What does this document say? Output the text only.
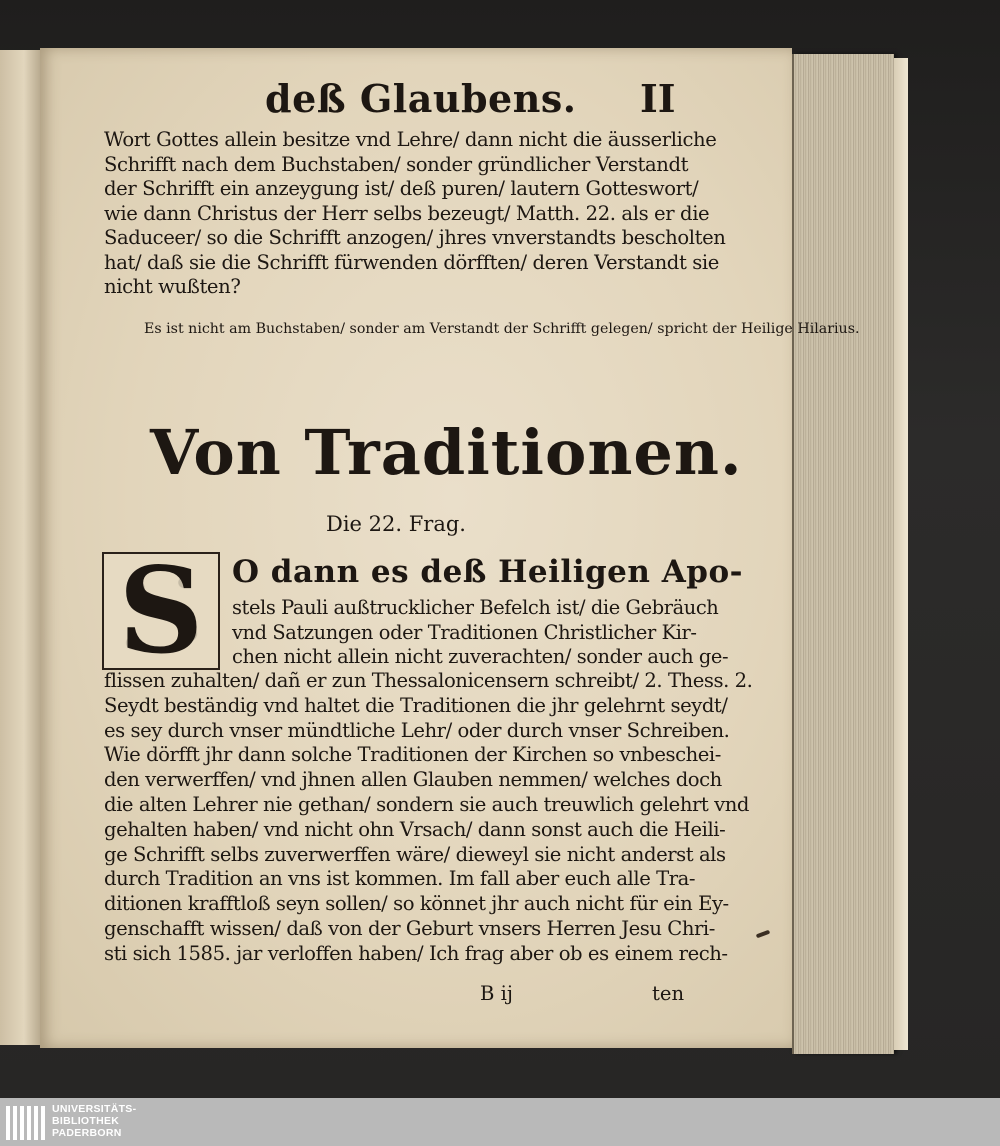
deß Glaubens. II
Wort Gottes allein besitze vnd Lehre/ dann nicht die äusserliche
Schrifft nach dem Buchstaben/ sonder gründlicher Verstandt
der Schrifft ein anzeygung ist/ deß puren/ lautern Gotteswort/
wie dann Christus der Herr selbs bezeugt/ Matth. 22. als er die
Saduceer/ so die Schrifft anzogen/ jhres vnverstandts bescholten
hat/ daß sie die Schrifft fürwenden dörfften/ deren Verstandt sie
nicht wußten?
Es ist nicht am Buchstaben/ sonder am Verstandt der Schrifft gelegen/ spricht der Heilige Hilarius.
Von Traditionen.
Die 22. Frag.
S O dann es deß Heiligen Apo-
stels Pauli außtrucklicher Befelch ist/ die Gebräuch
vnd Satzungen oder Traditionen Christlicher Kir-
chen nicht allein nicht zuverachten/ sonder auch ge-
flissen zuhalten/ dañ er zun Thessalonicensern schreibt/ 2. Thess. 2.
Seydt beständig vnd haltet die Traditionen die jhr gelehrnt seydt/
es sey durch vnser mündtliche Lehr/ oder durch vnser Schreiben.
Wie dörfft jhr dann solche Traditionen der Kirchen so vnbeschei-
den verwerffen/ vnd jhnen allen Glauben nemmen/ welches doch
die alten Lehrer nie gethan/ sondern sie auch treuwlich gelehrt vnd
gehalten haben/ vnd nicht ohn Vrsach/ dann sonst auch die Heili-
ge Schrifft selbs zuverwerffen wäre/ dieweyl sie nicht anderst als
durch Tradition an vns ist kommen. Im fall aber euch alle Tra-
ditionen krafftloß seyn sollen/ so könnet jhr auch nicht für ein Ey-
genschafft wissen/ daß von der Geburt vnsers Herren Jesu Chri-
sti sich 1585. jar verloffen haben/ Ich frag aber ob es einem rech-
B ij	ten
UNIVERSITÄTS-
BIBLIOTHEK
PADERBORN
